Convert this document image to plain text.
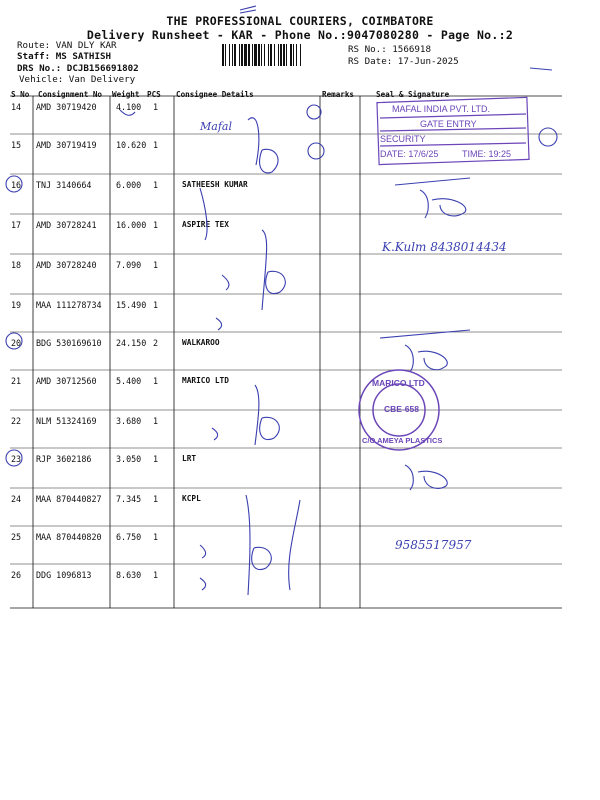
THE PROFESSIONAL COURIERS, COIMBATORE
Delivery Runsheet - KAR - Phone No.:9047080280 - Page No.:2
Route: VAN DLY KAR
Staff: MS SATHISH
DRS No.: DCJB156691802
Vehicle: Van Delivery
RS No.: 1566918
RS Date: 17-Jun-2025
S No Consignment No Weight PCS Consignee Details	Remarks	Seal & Signature
14 AMD 30719420 4.100 1
15 AMD 30719419 10.620 1
16 TNJ 3140664	6.000 1	SATHEESH KUMAR
17 AMD 30728241 16.000 1	ASPIRE TEX
18 AMD 30728240 7.090 1
19 MAA 111278734 15.490 1
20 BDG 530169610 24.150 2	WALKAROO
21 AMD 30712560 5.400 1	MARICO LTD
22 NLM 51324169 3.680 1
23 RJP 3602186	3.050 1	LRT
24 MAA 870440827 7.345 1	KCPL
25 MAA 870440820 6.750 1
26 DDG 1096813	8.630 1
MAFAL INDIA PVT. LTD.
GATE ENTRY
SECURITY
DATE: 17/6/25	TIME: 19:25
MARICO LTD
CBE-658
C/O AMEYA PLASTICS
Mafal
K.Kulm 8438014434
9585517957
